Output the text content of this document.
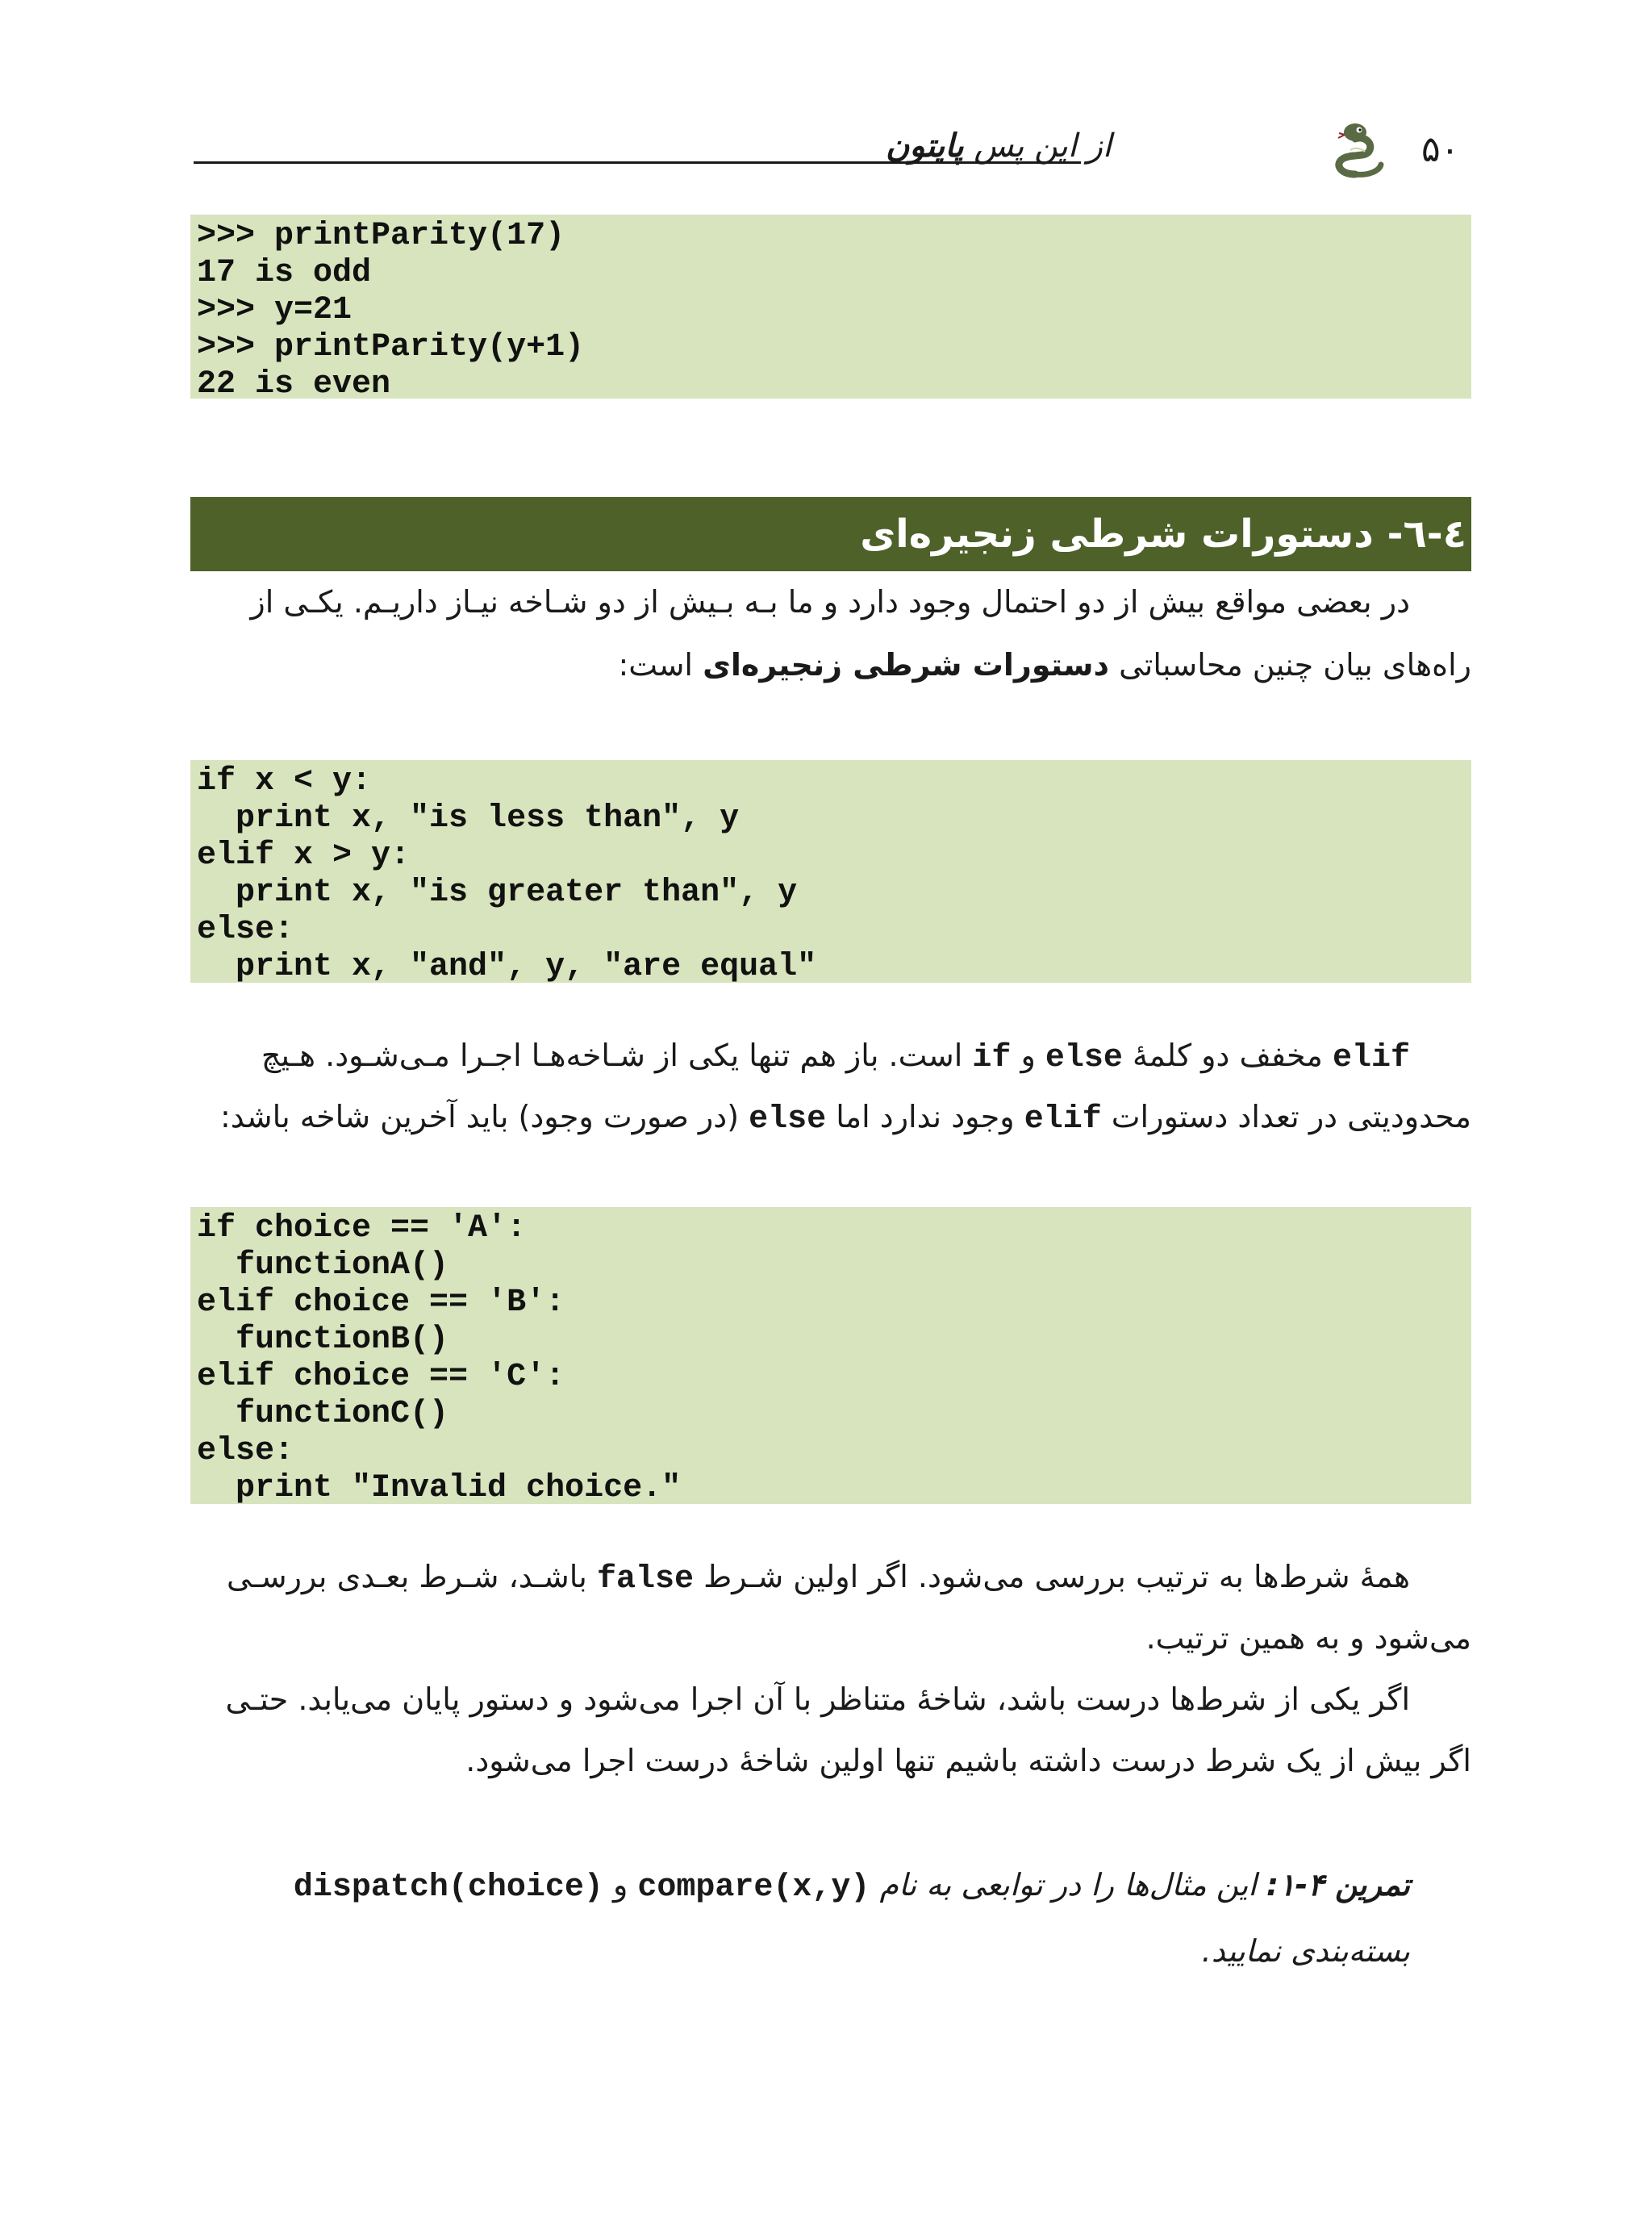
از این پس پایتون	۵۰
>>> printParity(17)
17 is odd
>>> y=21
>>> printParity(y+1)
22 is even
٤-٦- دستورات شرطی زنجیره‌ای
در بعضی مواقع بیش از دو احتمال وجود دارد و ما بـه بـیش از دو شـاخه نیـاز داریـم. یکـی از
راه‌های بیان چنین محاسباتی دستورات شرطی زنجیره‌ای است:
if x < y:
print x, "is less than", y
elif x > y:
print x, "is greater than", y
else:
print x, "and", y, "are equal"
elif مخفف دو کلمهٔ else و if است. باز هم تنها یکی از شـاخه‌هـا اجـرا مـی‌شـود. هـیچ
محدودیتی در تعداد دستورات elif وجود ندارد اما else (در صورت وجود) باید آخرین شاخه باشد:
if choice == 'A':
functionA()
elif choice == 'B':
functionB()
elif choice == 'C':
functionC()
else:
print "Invalid choice."
همهٔ شرط‌ها به ترتیب بررسی می‌شود. اگر اولین شـرط false باشـد، شـرط بعـدی بررسـی
می‌شود و به همین ترتیب.
اگر یکی از شرط‌ها درست باشد، شاخهٔ متناظر با آن اجرا می‌شود و دستور پایان می‌یابد. حتـی
اگر بیش از یک شرط درست داشته باشیم تنها اولین شاخهٔ درست اجرا می‌شود.
تمرین ۴-۱: این مثال‌ها را در توابعی به نام compare(x,y) و dispatch(choice)
بسته‌بندی نمایید.
